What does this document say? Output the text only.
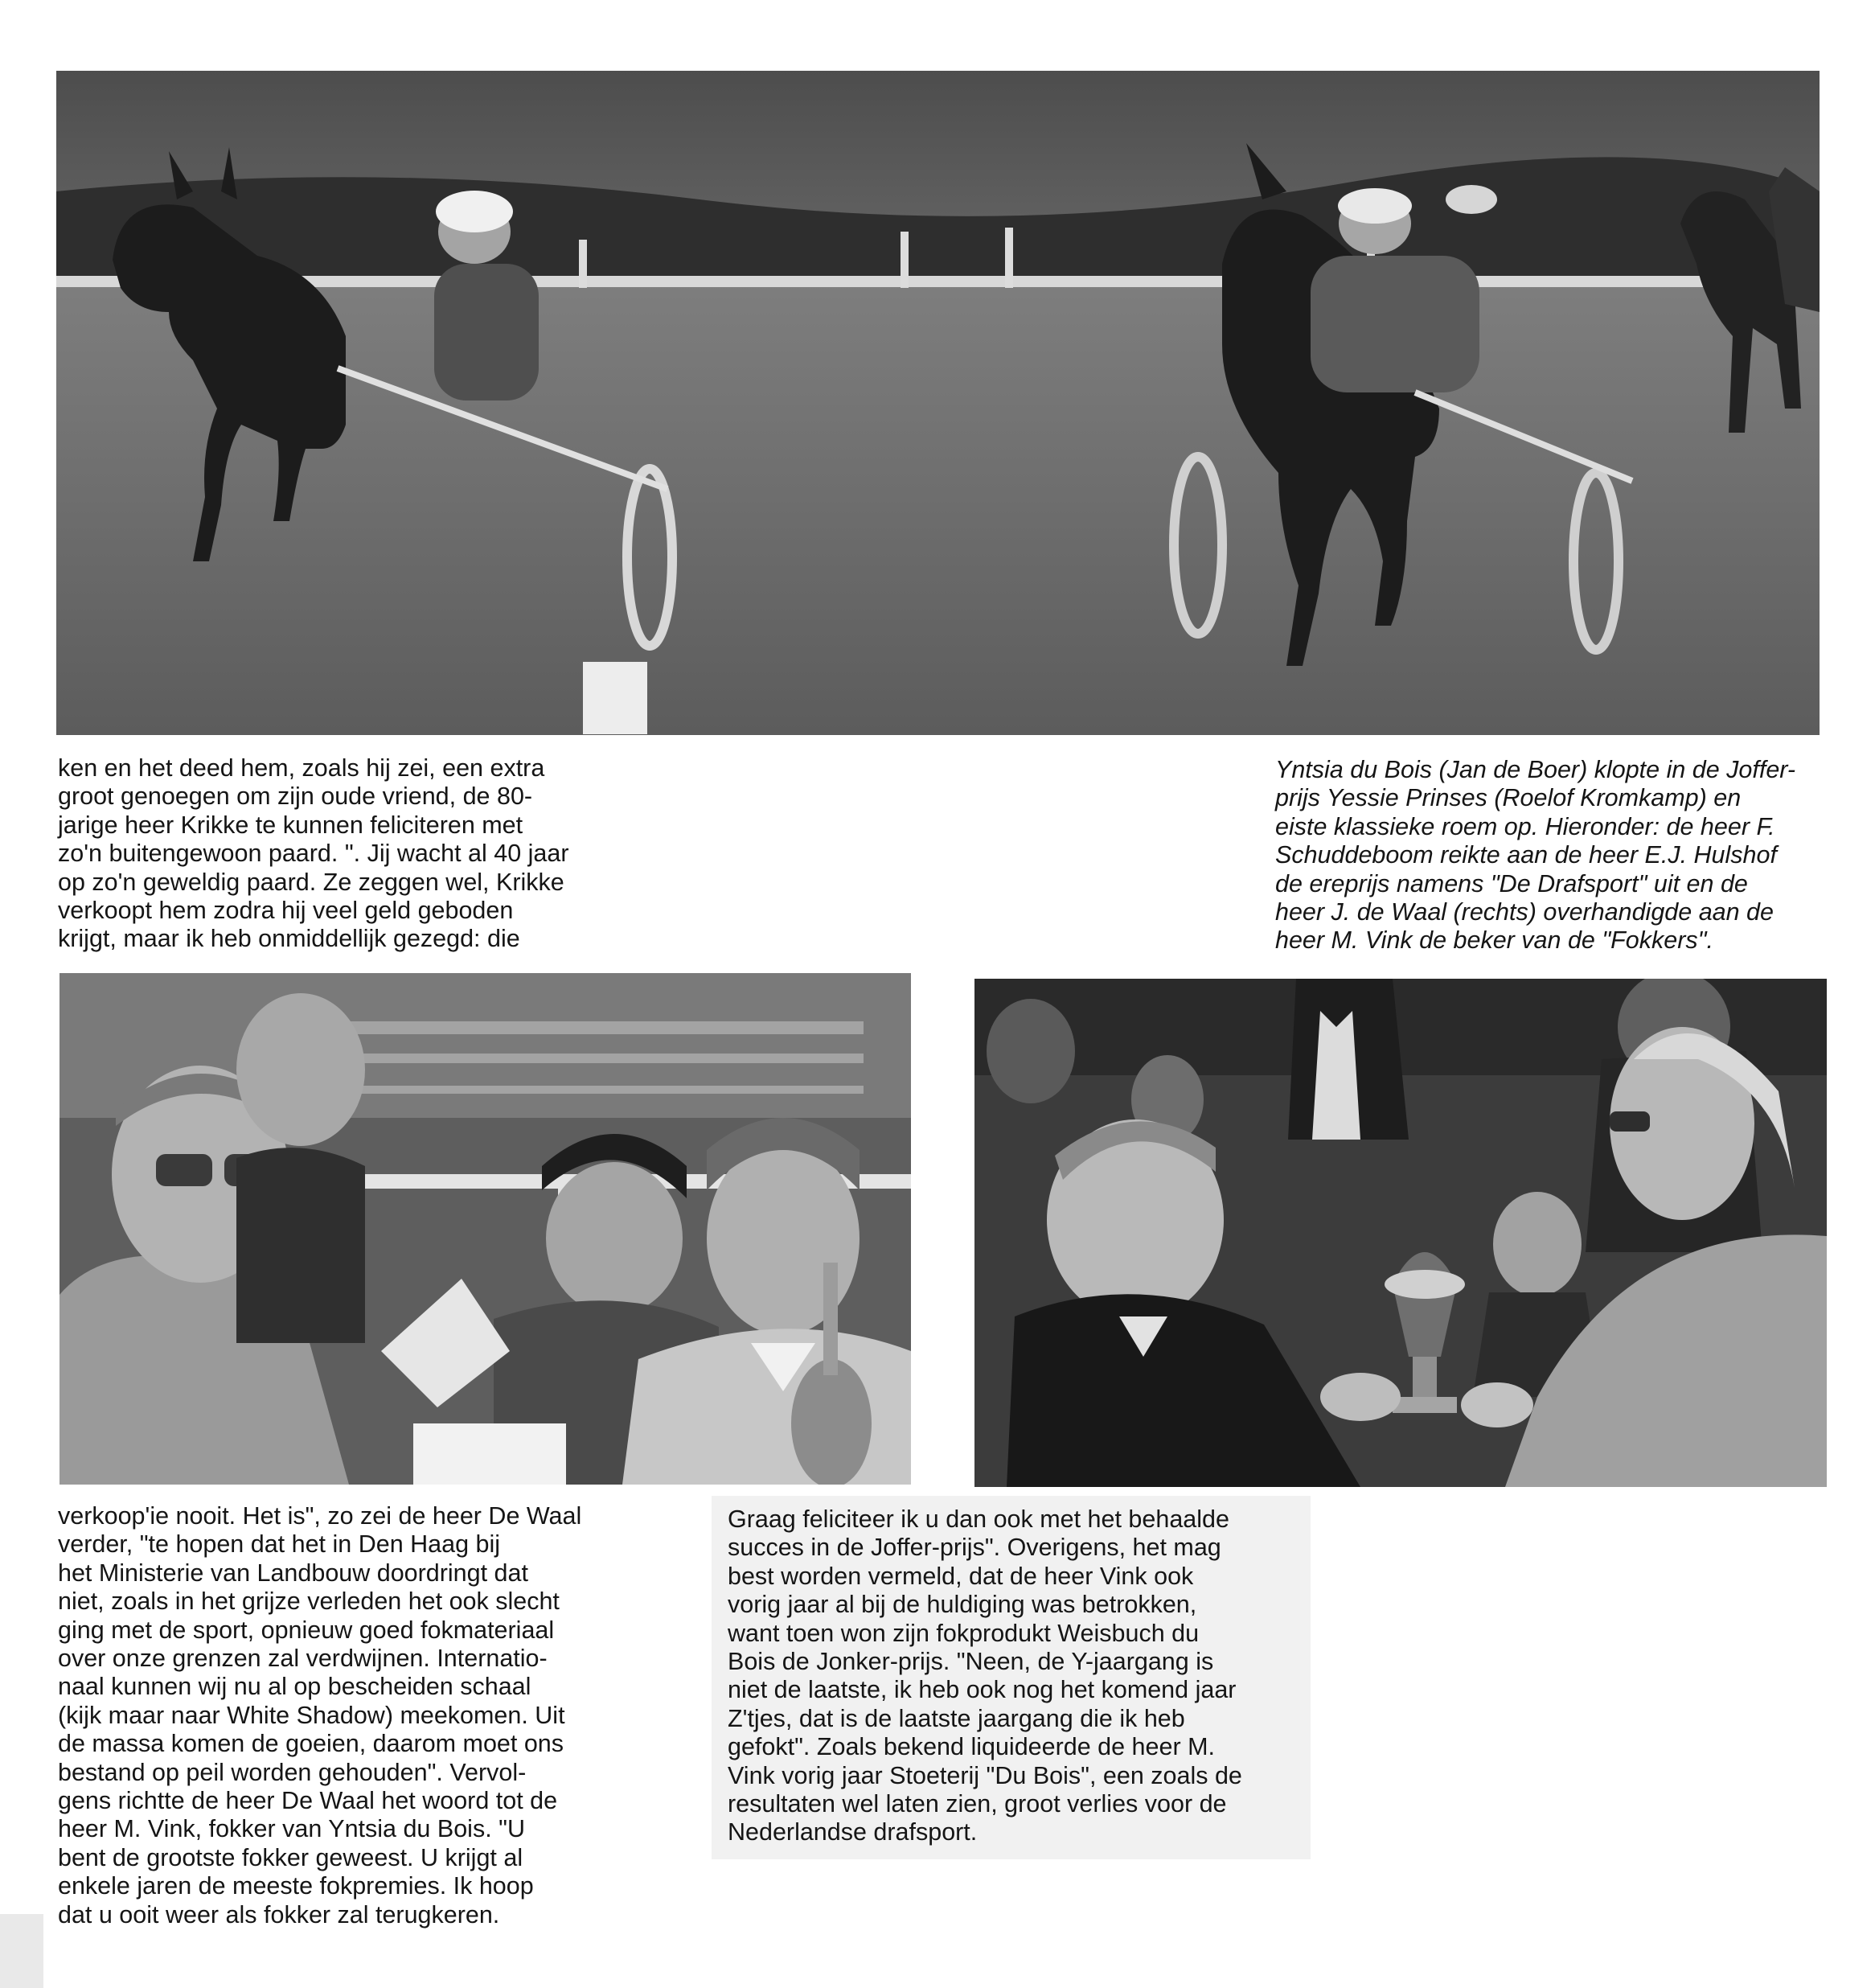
ken en het deed hem, zoals hij zei, een extra

groot genoegen om zijn oude vriend, de 80-

jarige heer Krikke te kunnen feliciteren met

zo'n buitengewoon paard. ". Jij wacht al 40 jaar

op zo'n geweldig paard. Ze zeggen wel, Krikke

verkoopt hem zodra hij veel geld geboden

krijgt, maar ik heb onmiddellijk gezegd: die

Yntsia du Bois (Jan de Boer) klopte in de Joffer-

prijs Yessie Prinses (Roelof Kromkamp) en

eiste klassieke roem op. Hieronder: de heer F.

Schuddeboom reikte aan de heer E.J. Hulshof

de ereprijs namens "De Drafsport" uit en de

heer J. de Waal (rechts) overhandigde aan de

heer M. Vink de beker van de "Fokkers".

verkoop'ie nooit. Het is", zo zei de heer De Waal

verder, "te hopen dat het in Den Haag bij

het Ministerie van Landbouw doordringt dat

niet, zoals in het grijze verleden het ook slecht

ging met de sport, opnieuw goed fokmateriaal

over onze grenzen zal verdwijnen. Internatio-

naal kunnen wij nu al op bescheiden schaal

(kijk maar naar White Shadow) meekomen. Uit

de massa komen de goeien, daarom moet ons

bestand op peil worden gehouden". Vervol-

gens richtte de heer De Waal het woord tot de

heer M. Vink, fokker van Yntsia du Bois. "U

bent de grootste fokker geweest. U krijgt al

enkele jaren de meeste fokpremies. Ik hoop

dat u ooit weer als fokker zal terugkeren.

Graag feliciteer ik u dan ook met het behaalde

succes in de Joffer-prijs". Overigens, het mag

best worden vermeld, dat de heer Vink ook

vorig jaar al bij de huldiging was betrokken,

want toen won zijn fokprodukt Weisbuch du

Bois de Jonker-prijs. "Neen, de Y-jaargang is

niet de laatste, ik heb ook nog het komend jaar

Z'tjes, dat is de laatste jaargang die ik heb

gefokt". Zoals bekend liquideerde de heer M.

Vink vorig jaar Stoeterij "Du Bois", een zoals de

resultaten wel laten zien, groot verlies voor de

Nederlandse drafsport.
